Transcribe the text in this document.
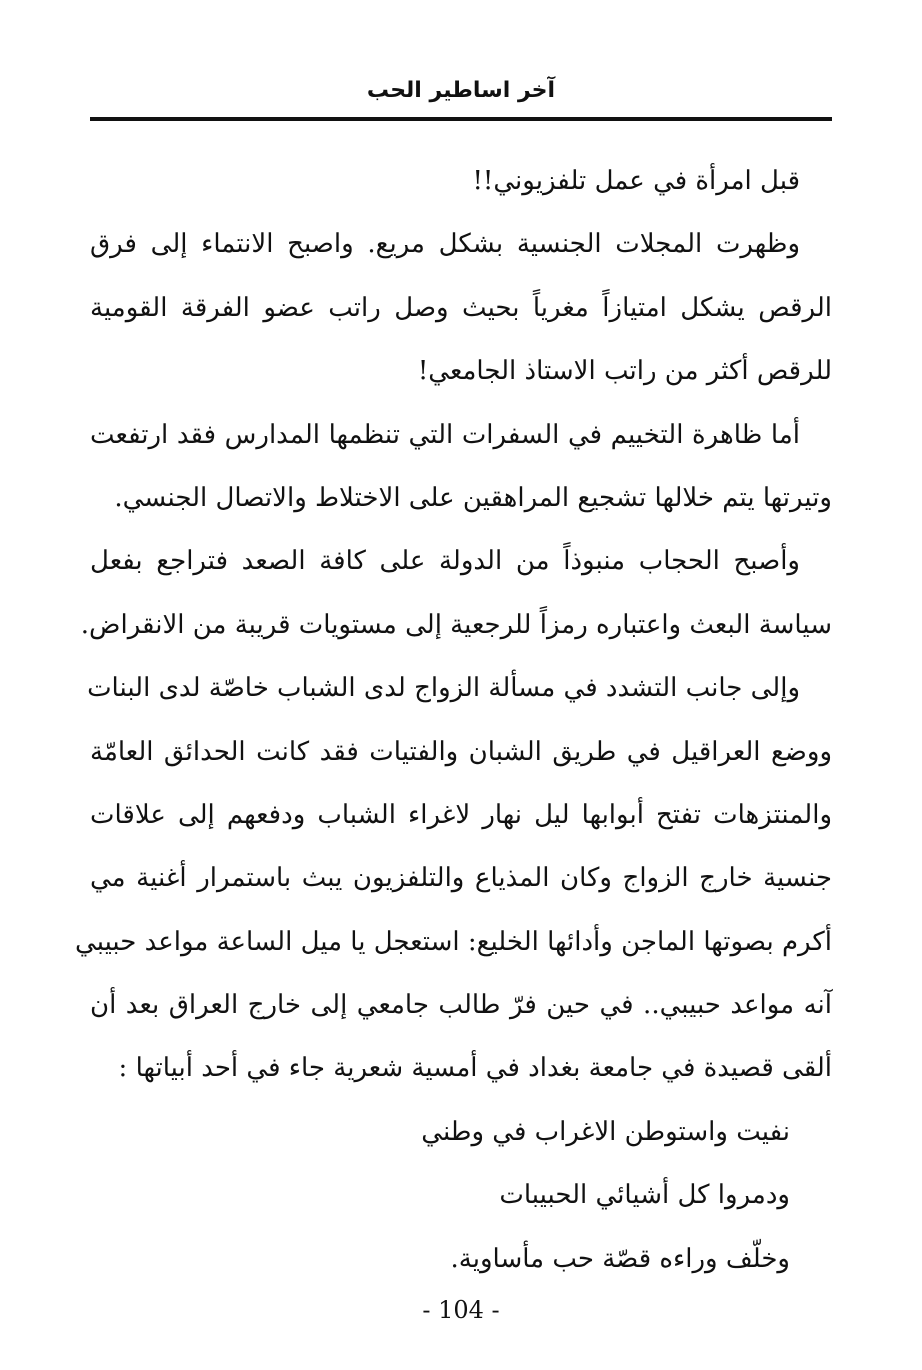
آخر اساطير الحب
قبل امرأة في عمل تلفزيوني!!
وظهرت المجلات الجنسية بشكل مريع. واصبح الانتماء إلى فرق
الرقص يشكل امتيازاً مغرياً بحيث وصل راتب عضو الفرقة القومية
للرقص أكثر من راتب الاستاذ الجامعي!
أما ظاهرة التخييم في السفرات التي تنظمها المدارس فقد ارتفعت
وتيرتها يتم خلالها تشجيع المراهقين على الاختلاط والاتصال الجنسي.
وأصبح الحجاب منبوذاً من الدولة على كافة الصعد فتراجع بفعل
سياسة البعث واعتباره رمزاً للرجعية إلى مستويات قريبة من الانقراض.
وإلى جانب التشدد في مسألة الزواج لدى الشباب خاصّة لدى البنات
ووضع العراقيل في طريق الشبان والفتيات فقد كانت الحدائق العامّة
والمنتزهات تفتح أبوابها ليل نهار لاغراء الشباب ودفعهم إلى علاقات
جنسية خارج الزواج وكان المذياع والتلفزيون يبث باستمرار أغنية مي
أكرم بصوتها الماجن وأدائها الخليع: استعجل يا ميل الساعة مواعد حبيبي
آنه مواعد حبيبي.. في حين فرّ طالب جامعي إلى خارج العراق بعد أن
ألقى قصيدة في جامعة بغداد في أمسية شعرية جاء في أحد أبياتها :
نفيت واستوطن الاغراب في وطني
ودمروا كل أشيائي الحبيبات
وخلّف وراءه قصّة حب مأساوية.
- 104 -
